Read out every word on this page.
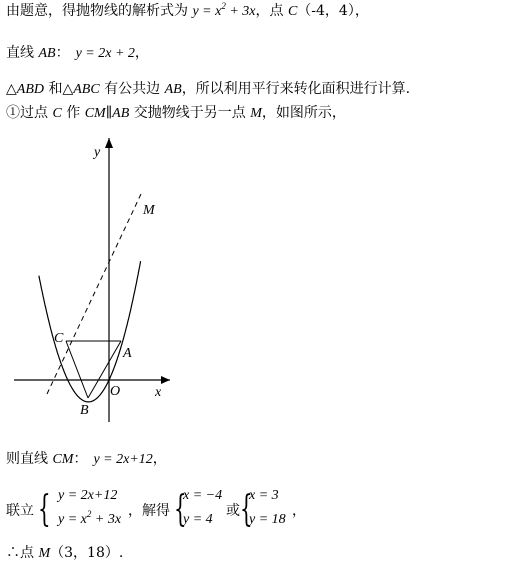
由题意，得抛物线的解析式为 $y = x^2 + 3x$，点 C（-4，4），
直线 AB： y = 2x + 2，
△ABD 和△ABC 有公共边 AB，所以利用平行来转化面积进行计算.
①过点 C 作 CM∥AB 交抛物线于另一点 M，如图所示，
y
x
C
A
O
B
M
则直线 CM： y = 2x+12，
联立 { y = 2x+12
$y = x^2 + 3x$
，解得 {
x = −4
y = 4
或 {
x = 3
y = 18
，
∴点 M（3，18）.
